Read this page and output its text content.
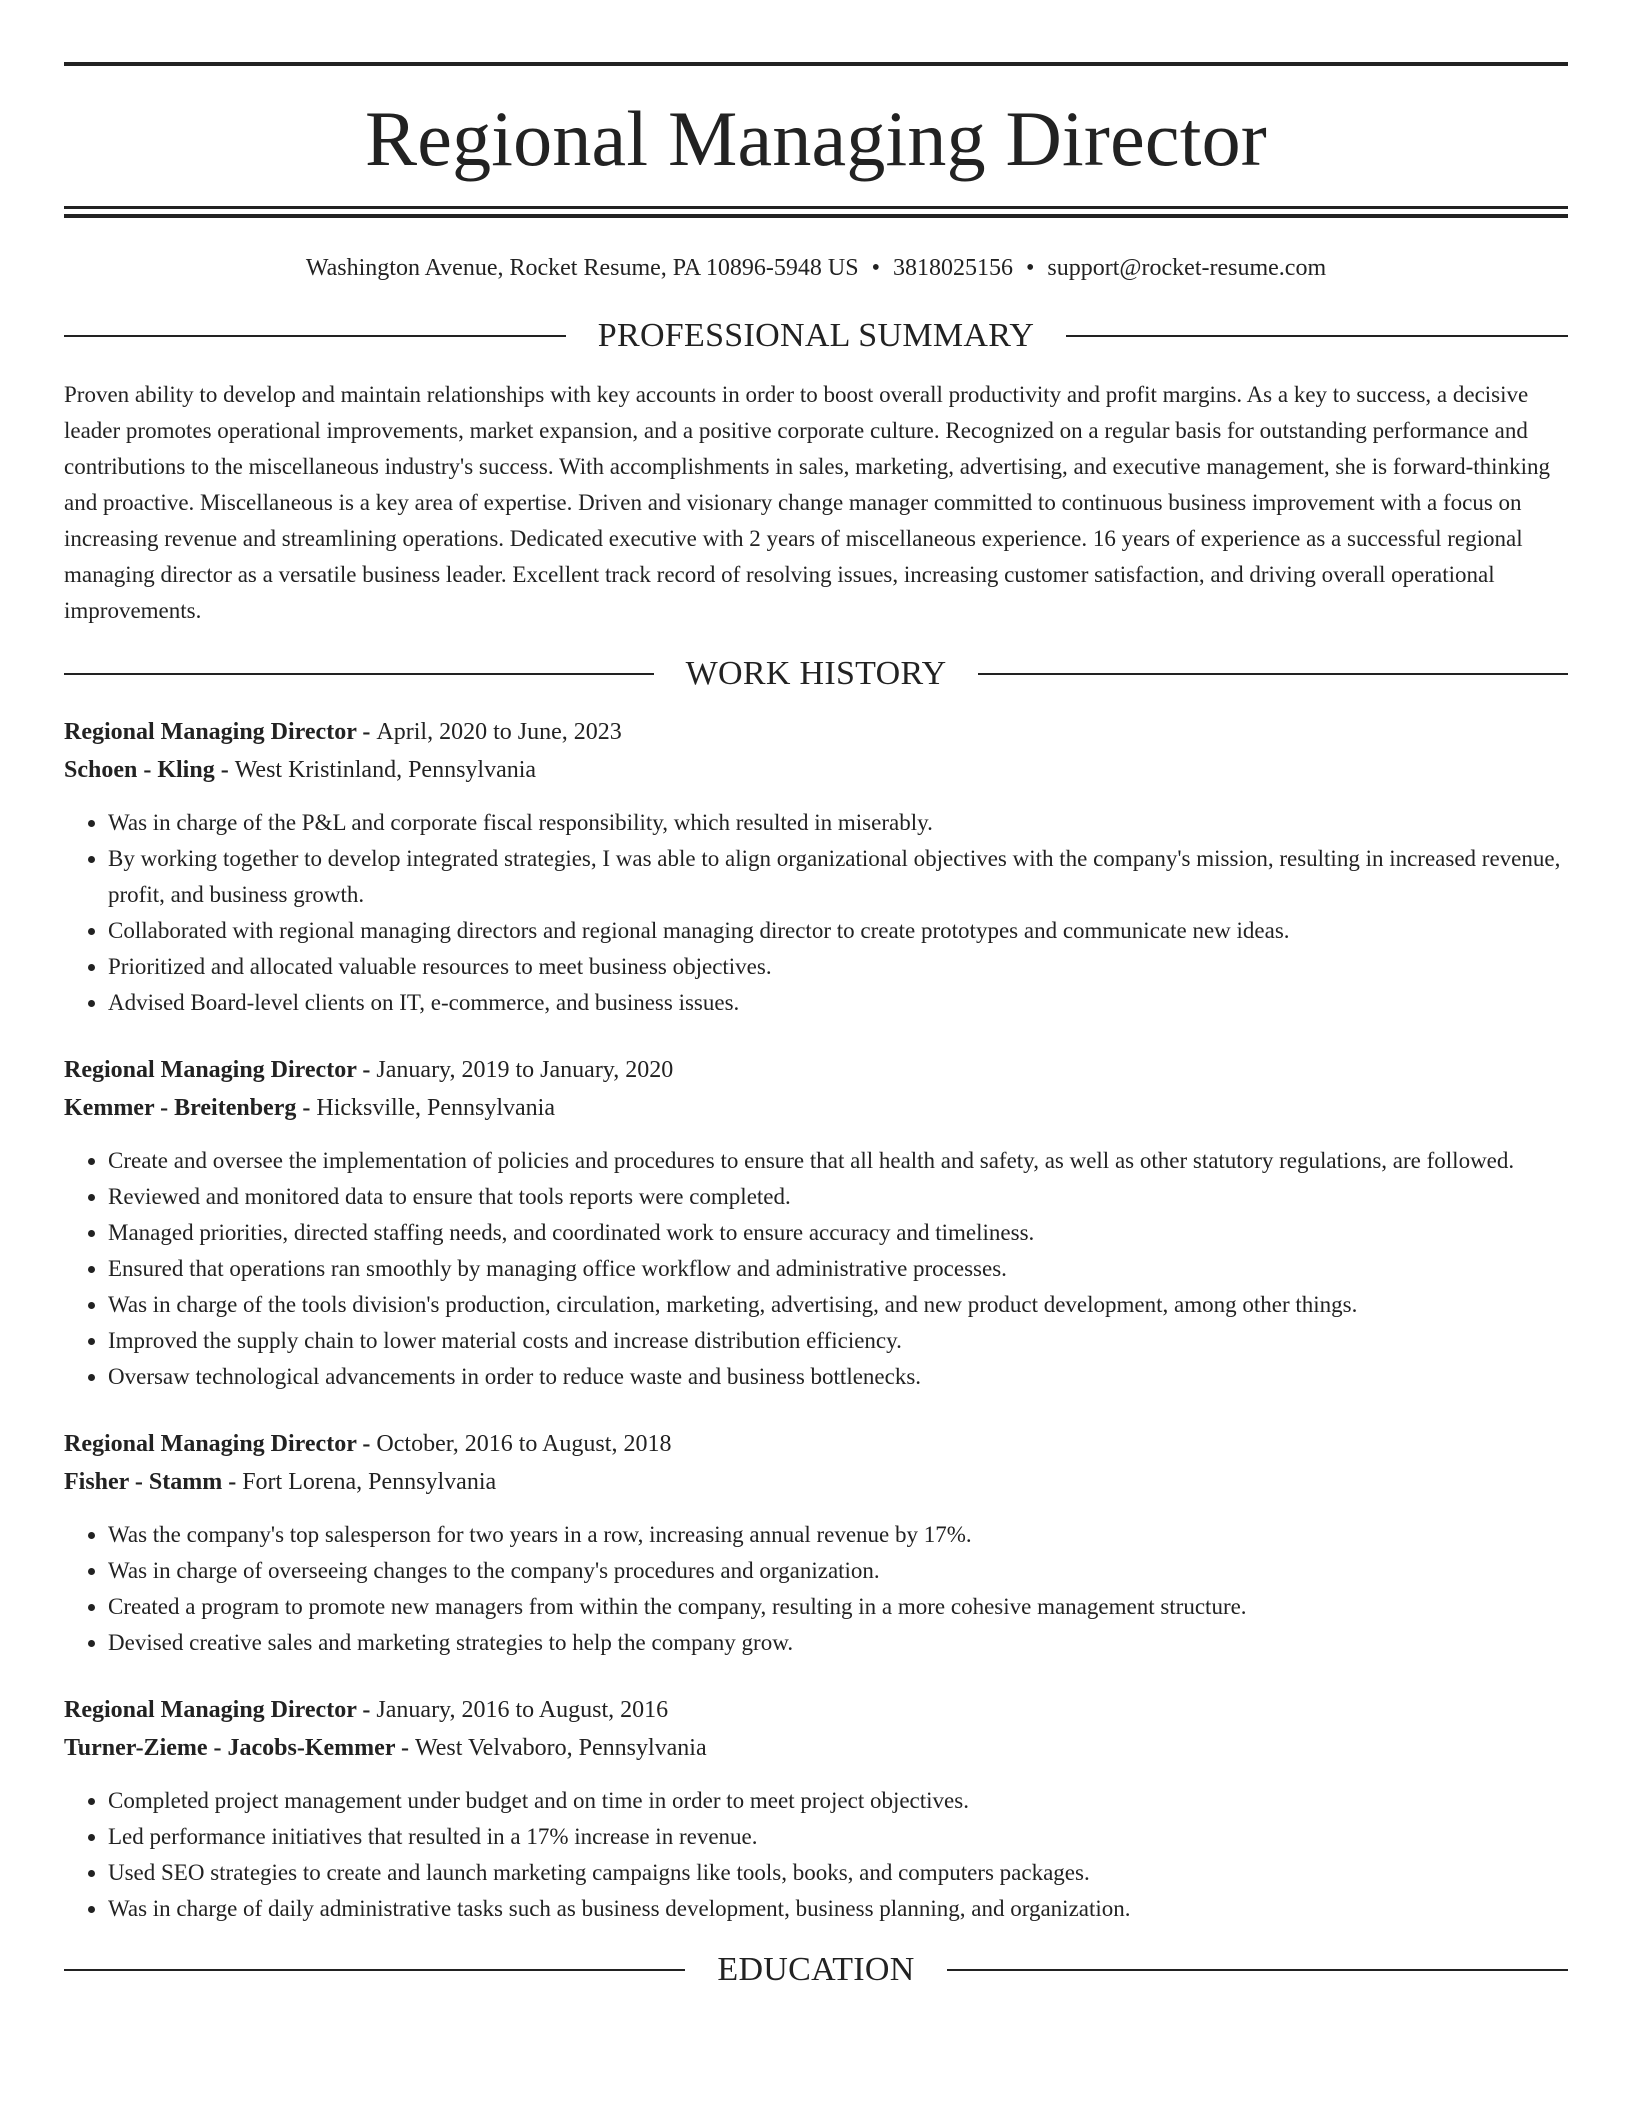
Regional Managing Director
Washington Avenue, Rocket Resume, PA 10896-5948 US • 3818025156 • support@rocket-resume.com
PROFESSIONAL SUMMARY

Proven ability to develop and maintain relationships with key accounts in order to boost overall productivity and profit margins. As a key to success, a decisive leader promotes operational improvements, market expansion, and a positive corporate culture. Recognized on a regular basis for outstanding performance and contributions to the miscellaneous industry's success. With accomplishments in sales, marketing, advertising, and executive management, she is forward-thinking and proactive. Miscellaneous is a key area of expertise. Driven and visionary change manager committed to continuous business improvement with a focus on increasing revenue and streamlining operations. Dedicated executive with 2 years of miscellaneous experience. 16 years of experience as a successful regional managing director as a versatile business leader. Excellent track record of resolving issues, increasing customer satisfaction, and driving overall operational improvements.

WORK HISTORY
Regional Managing Director - April, 2020 to June, 2023
Schoen - Kling - West Kristinland, Pennsylvania
• Was in charge of the P&L and corporate fiscal responsibility, which resulted in miserably.
• By working together to develop integrated strategies, I was able to align organizational objectives with the company's mission, resulting in increased revenue, profit, and business growth.
• Collaborated with regional managing directors and regional managing director to create prototypes and communicate new ideas.
• Prioritized and allocated valuable resources to meet business objectives.
• Advised Board-level clients on IT, e-commerce, and business issues.
Regional Managing Director - January, 2019 to January, 2020
Kemmer - Breitenberg - Hicksville, Pennsylvania
• Create and oversee the implementation of policies and procedures to ensure that all health and safety, as well as other statutory regulations, are followed.
• Reviewed and monitored data to ensure that tools reports were completed.
• Managed priorities, directed staffing needs, and coordinated work to ensure accuracy and timeliness.
• Ensured that operations ran smoothly by managing office workflow and administrative processes.
• Was in charge of the tools division's production, circulation, marketing, advertising, and new product development, among other things.
• Improved the supply chain to lower material costs and increase distribution efficiency.
• Oversaw technological advancements in order to reduce waste and business bottlenecks.
Regional Managing Director - October, 2016 to August, 2018
Fisher - Stamm - Fort Lorena, Pennsylvania
• Was the company's top salesperson for two years in a row, increasing annual revenue by 17%.
• Was in charge of overseeing changes to the company's procedures and organization.
• Created a program to promote new managers from within the company, resulting in a more cohesive management structure.
• Devised creative sales and marketing strategies to help the company grow.
Regional Managing Director - January, 2016 to August, 2016
Turner-Zieme - Jacobs-Kemmer - West Velvaboro, Pennsylvania
• Completed project management under budget and on time in order to meet project objectives.
• Led performance initiatives that resulted in a 17% increase in revenue.
• Used SEO strategies to create and launch marketing campaigns like tools, books, and computers packages.
• Was in charge of daily administrative tasks such as business development, business planning, and organization.
EDUCATION
